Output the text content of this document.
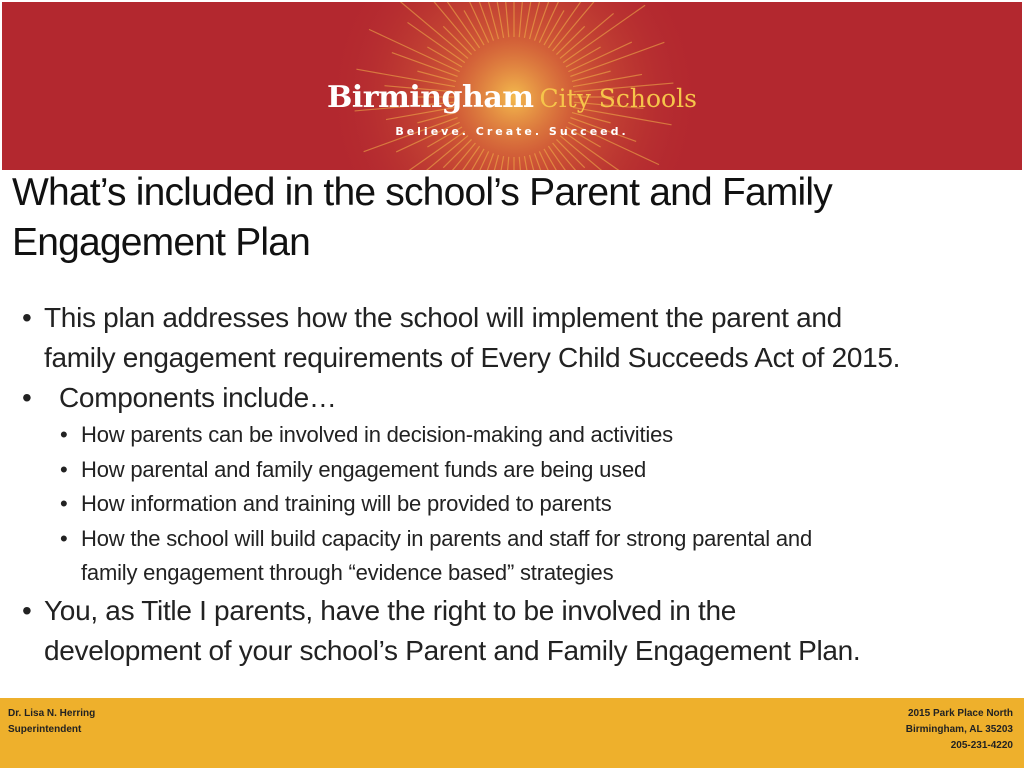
Birmingham City Schools
Believe. Create. Succeed.
What’s included in the school’s Parent and Family
Engagement Plan
• This plan addresses how the school will implement the parent and
family engagement requirements of Every Child Succeeds Act of 2015.
• Components include…
• How parents can be involved in decision-making and activities
• How parental and family engagement funds are being used
• How information and training will be provided to parents
• How the school will build capacity in parents and staff for strong parental and
family engagement through “evidence based” strategies
• You, as Title I parents, have the right to be involved in the
development of your school’s Parent and Family Engagement Plan.
Dr. Lisa N. Herring
Superintendent
2015 Park Place North
Birmingham, AL 35203
205-231-4220
